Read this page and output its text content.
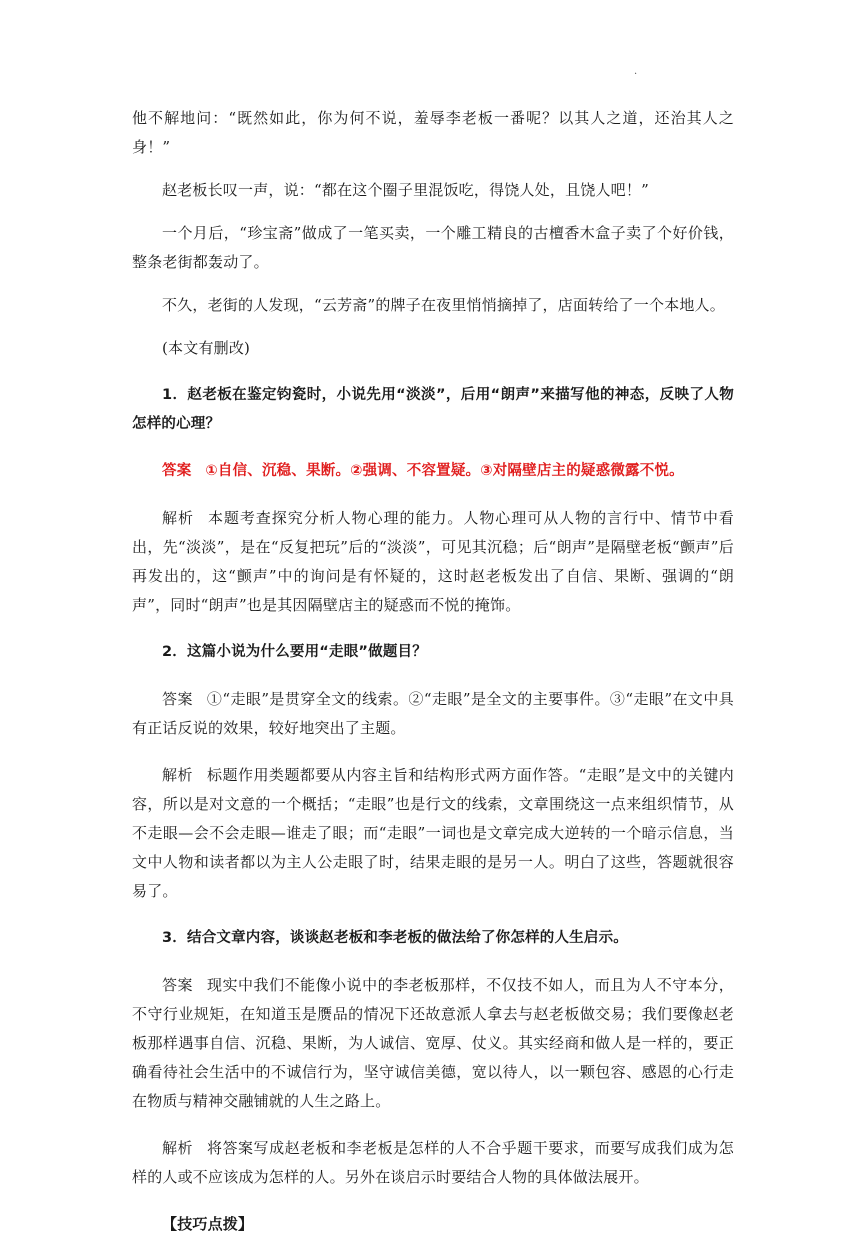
.

他不解地问：“既然如此，你为何不说，羞辱李老板一番呢？以其人之道，还治其人之身！”

赵老板长叹一声，说：“都在这个圈子里混饭吃，得饶人处，且饶人吧！”

一个月后，“珍宝斋”做成了一笔买卖，一个雕工精良的古檀香木盒子卖了个好价钱，整条老街都轰动了。

不久，老街的人发现，“云芳斋”的牌子在夜里悄悄摘掉了，店面转给了一个本地人。

(本文有删改)

1．赵老板在鉴定钧瓷时，小说先用“淡淡”，后用“朗声”来描写他的神态，反映了人物怎样的心理？

答案 ①自信、沉稳、果断。②强调、不容置疑。③对隔壁店主的疑惑微露不悦。

解析 本题考查探究分析人物心理的能力。人物心理可从人物的言行中、情节中看出，先“淡淡”，是在“反复把玩”后的“淡淡”，可见其沉稳；后“朗声”是隔壁老板“颤声”后再发出的，这“颤声”中的询问是有怀疑的，这时赵老板发出了自信、果断、强调的“朗声”，同时“朗声”也是其因隔壁店主的疑惑而不悦的掩饰。

2．这篇小说为什么要用“走眼”做题目？

答案 ①“走眼”是贯穿全文的线索。②“走眼”是全文的主要事件。③“走眼”在文中具有正话反说的效果，较好地突出了主题。

解析 标题作用类题都要从内容主旨和结构形式两方面作答。“走眼”是文中的关键内容，所以是对文意的一个概括；“走眼”也是行文的线索，文章围绕这一点来组织情节，从不走眼—会不会走眼—谁走了眼；而“走眼”一词也是文章完成大逆转的一个暗示信息，当文中人物和读者都以为主人公走眼了时，结果走眼的是另一人。明白了这些，答题就很容易了。

3．结合文章内容，谈谈赵老板和李老板的做法给了你怎样的人生启示。

答案 现实中我们不能像小说中的李老板那样，不仅技不如人，而且为人不守本分，不守行业规矩，在知道玉是赝品的情况下还故意派人拿去与赵老板做交易；我们要像赵老板那样遇事自信、沉稳、果断，为人诚信、宽厚、仗义。其实经商和做人是一样的，要正确看待社会生活中的不诚信行为，坚守诚信美德，宽以待人，以一颗包容、感恩的心行走在物质与精神交融铺就的人生之路上。

解析 将答案写成赵老板和李老板是怎样的人不合乎题干要求，而要写成我们成为怎样的人或不应该成为怎样的人。另外在谈启示时要结合人物的具体做法展开。

【技巧点拨】
